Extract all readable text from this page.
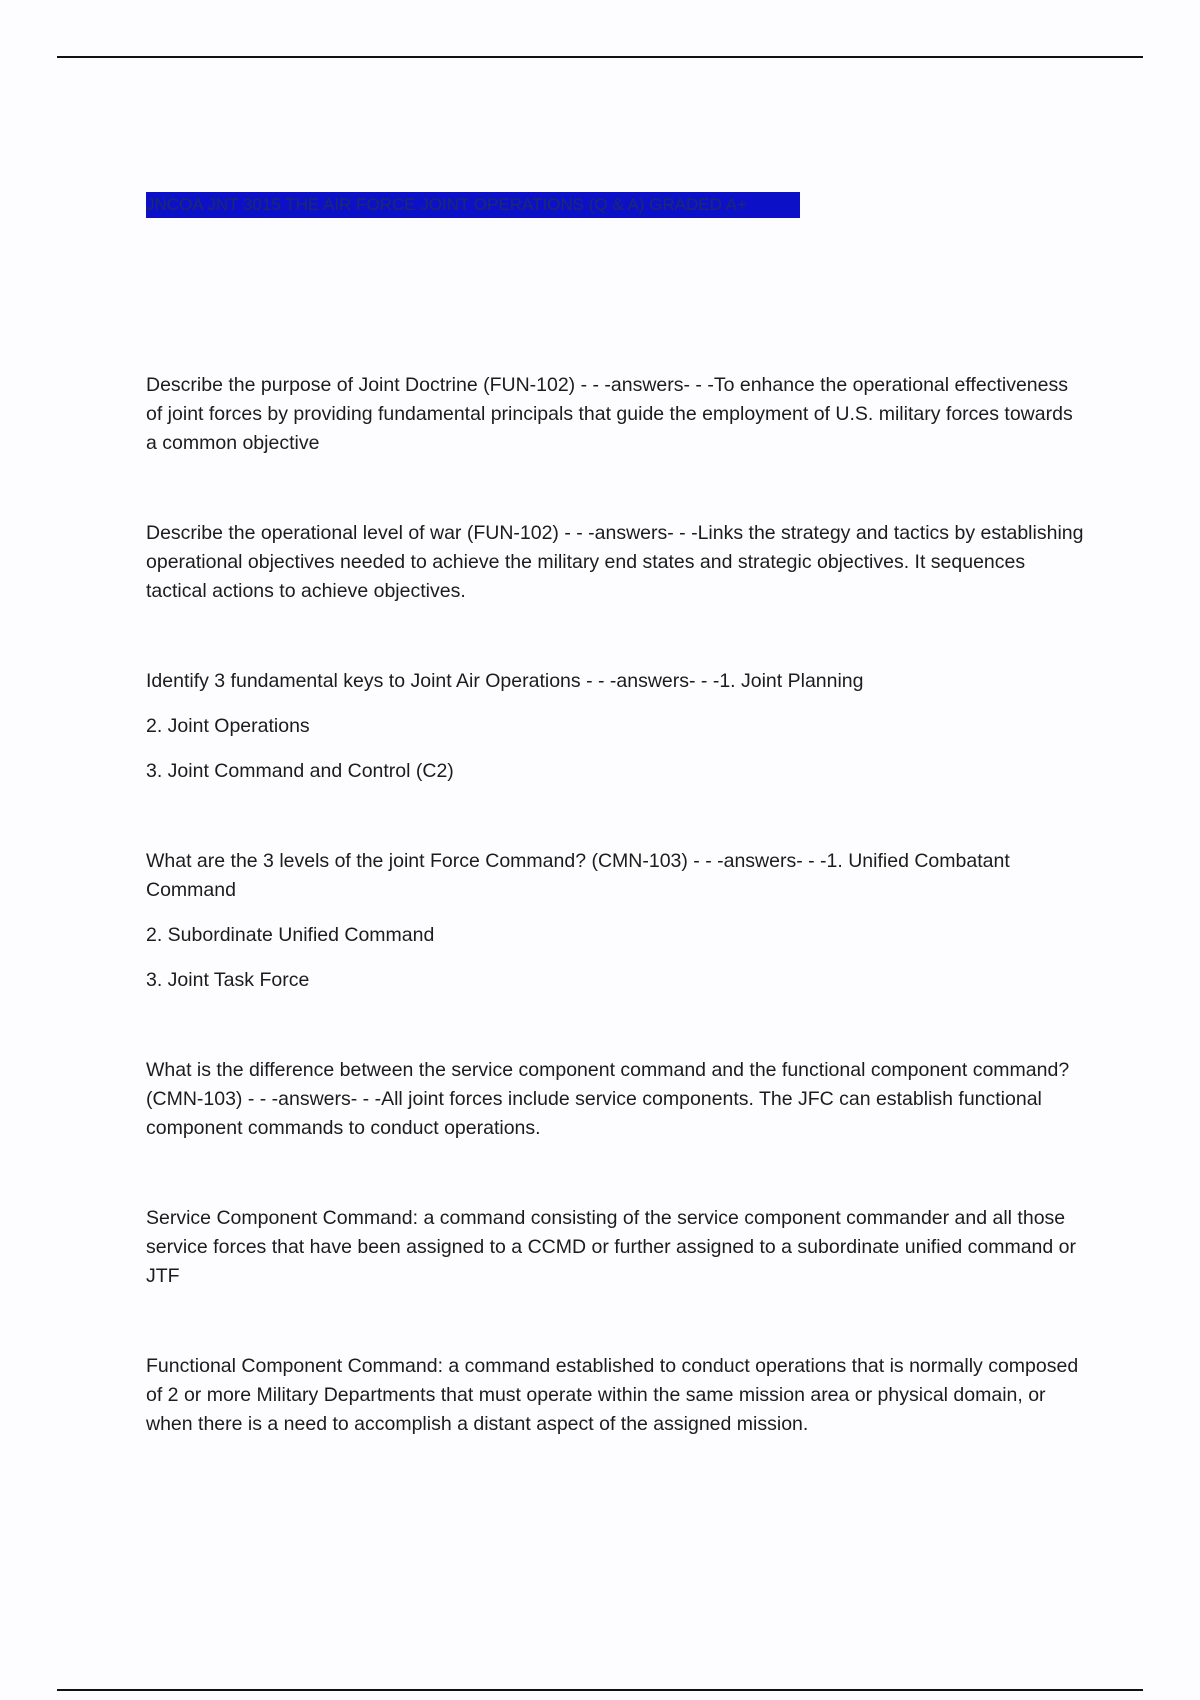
JNCOA JNT 3015 THE AIR FORCE JOINT OPERATIONS (Q & A) GRADED A+

Describe the purpose of Joint Doctrine (FUN-102) - - -answers- - -To enhance the operational effectiveness of joint forces by providing fundamental principals that guide the employment of U.S. military forces towards a common objective

Describe the operational level of war (FUN-102) - - -answers- - -Links the strategy and tactics by establishing operational objectives needed to achieve the military end states and strategic objectives. It sequences tactical actions to achieve objectives.

Identify 3 fundamental keys to Joint Air Operations - - -answers- - -1. Joint Planning

2. Joint Operations

3. Joint Command and Control (C2)

What are the 3 levels of the joint Force Command? (CMN-103) - - -answers- - -1. Unified Combatant Command

2. Subordinate Unified Command

3. Joint Task Force

What is the difference between the service component command and the functional component command? (CMN-103) - - -answers- - -All joint forces include service components. The JFC can establish functional component commands to conduct operations.

Service Component Command: a command consisting of the service component commander and all those service forces that have been assigned to a CCMD or further assigned to a subordinate unified command or JTF

Functional Component Command: a command established to conduct operations that is normally composed of 2 or more Military Departments that must operate within the same mission area or physical domain, or when there is a need to accomplish a distant aspect of the assigned mission.
